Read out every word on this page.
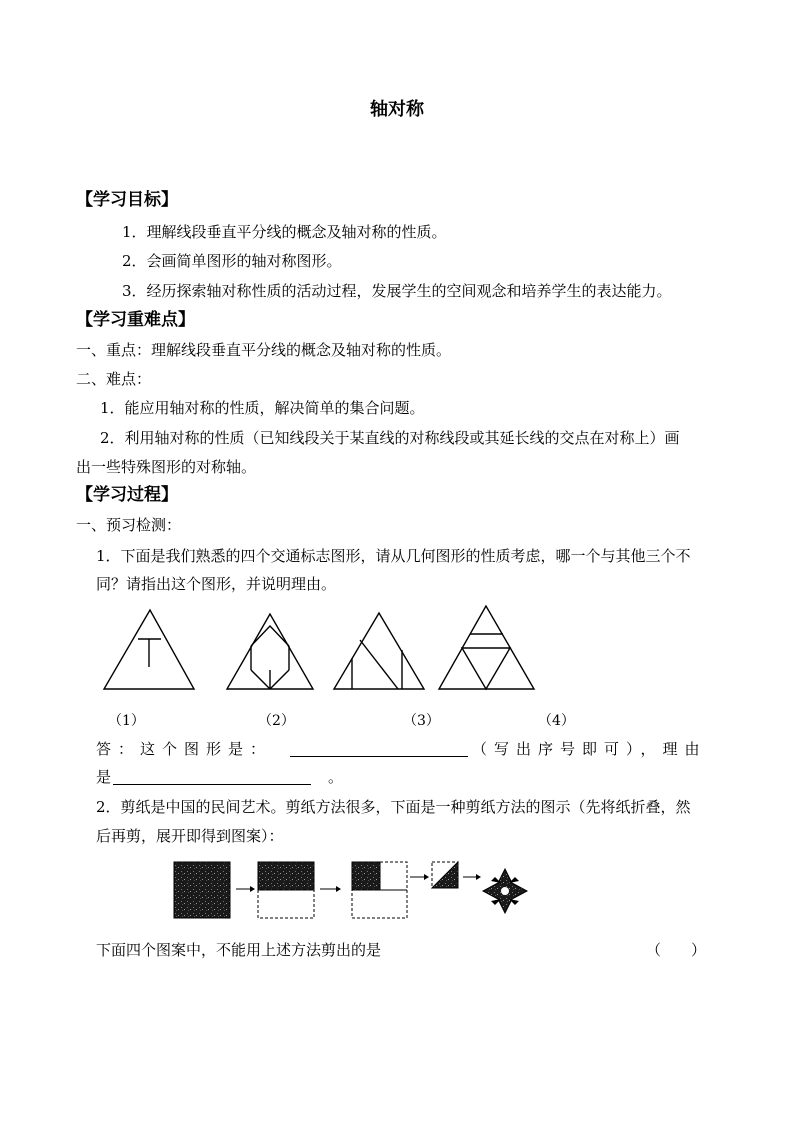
轴对称
【学习目标】
1．理解线段垂直平分线的概念及轴对称的性质。
2．会画简单图形的轴对称图形。
3．经历探索轴对称性质的活动过程，发展学生的空间观念和培养学生的表达能力。
【学习重难点】
一、重点：理解线段垂直平分线的概念及轴对称的性质。
二、难点：
1．能应用轴对称的性质，解决简单的集合问题。
2．利用轴对称的性质（已知线段关于某直线的对称线段或其延长线的交点在对称上）画
出一些特殊图形的对称轴。
【学习过程】
一、预习检测：
1．下面是我们熟悉的四个交通标志图形，请从几何图形的性质考虑，哪一个与其他三个不
同？请指出这个图形，并说明理由。
（1）	（2）	（3）	（4）
答：这个图形是：	（写出序号即可），理由
是	。
2．剪纸是中国的民间艺术。剪纸方法很多，下面是一种剪纸方法的图示（先将纸折叠，然
后再剪，展开即得到图案）：
下面四个图案中，不能用上述方法剪出的是	（　　）
